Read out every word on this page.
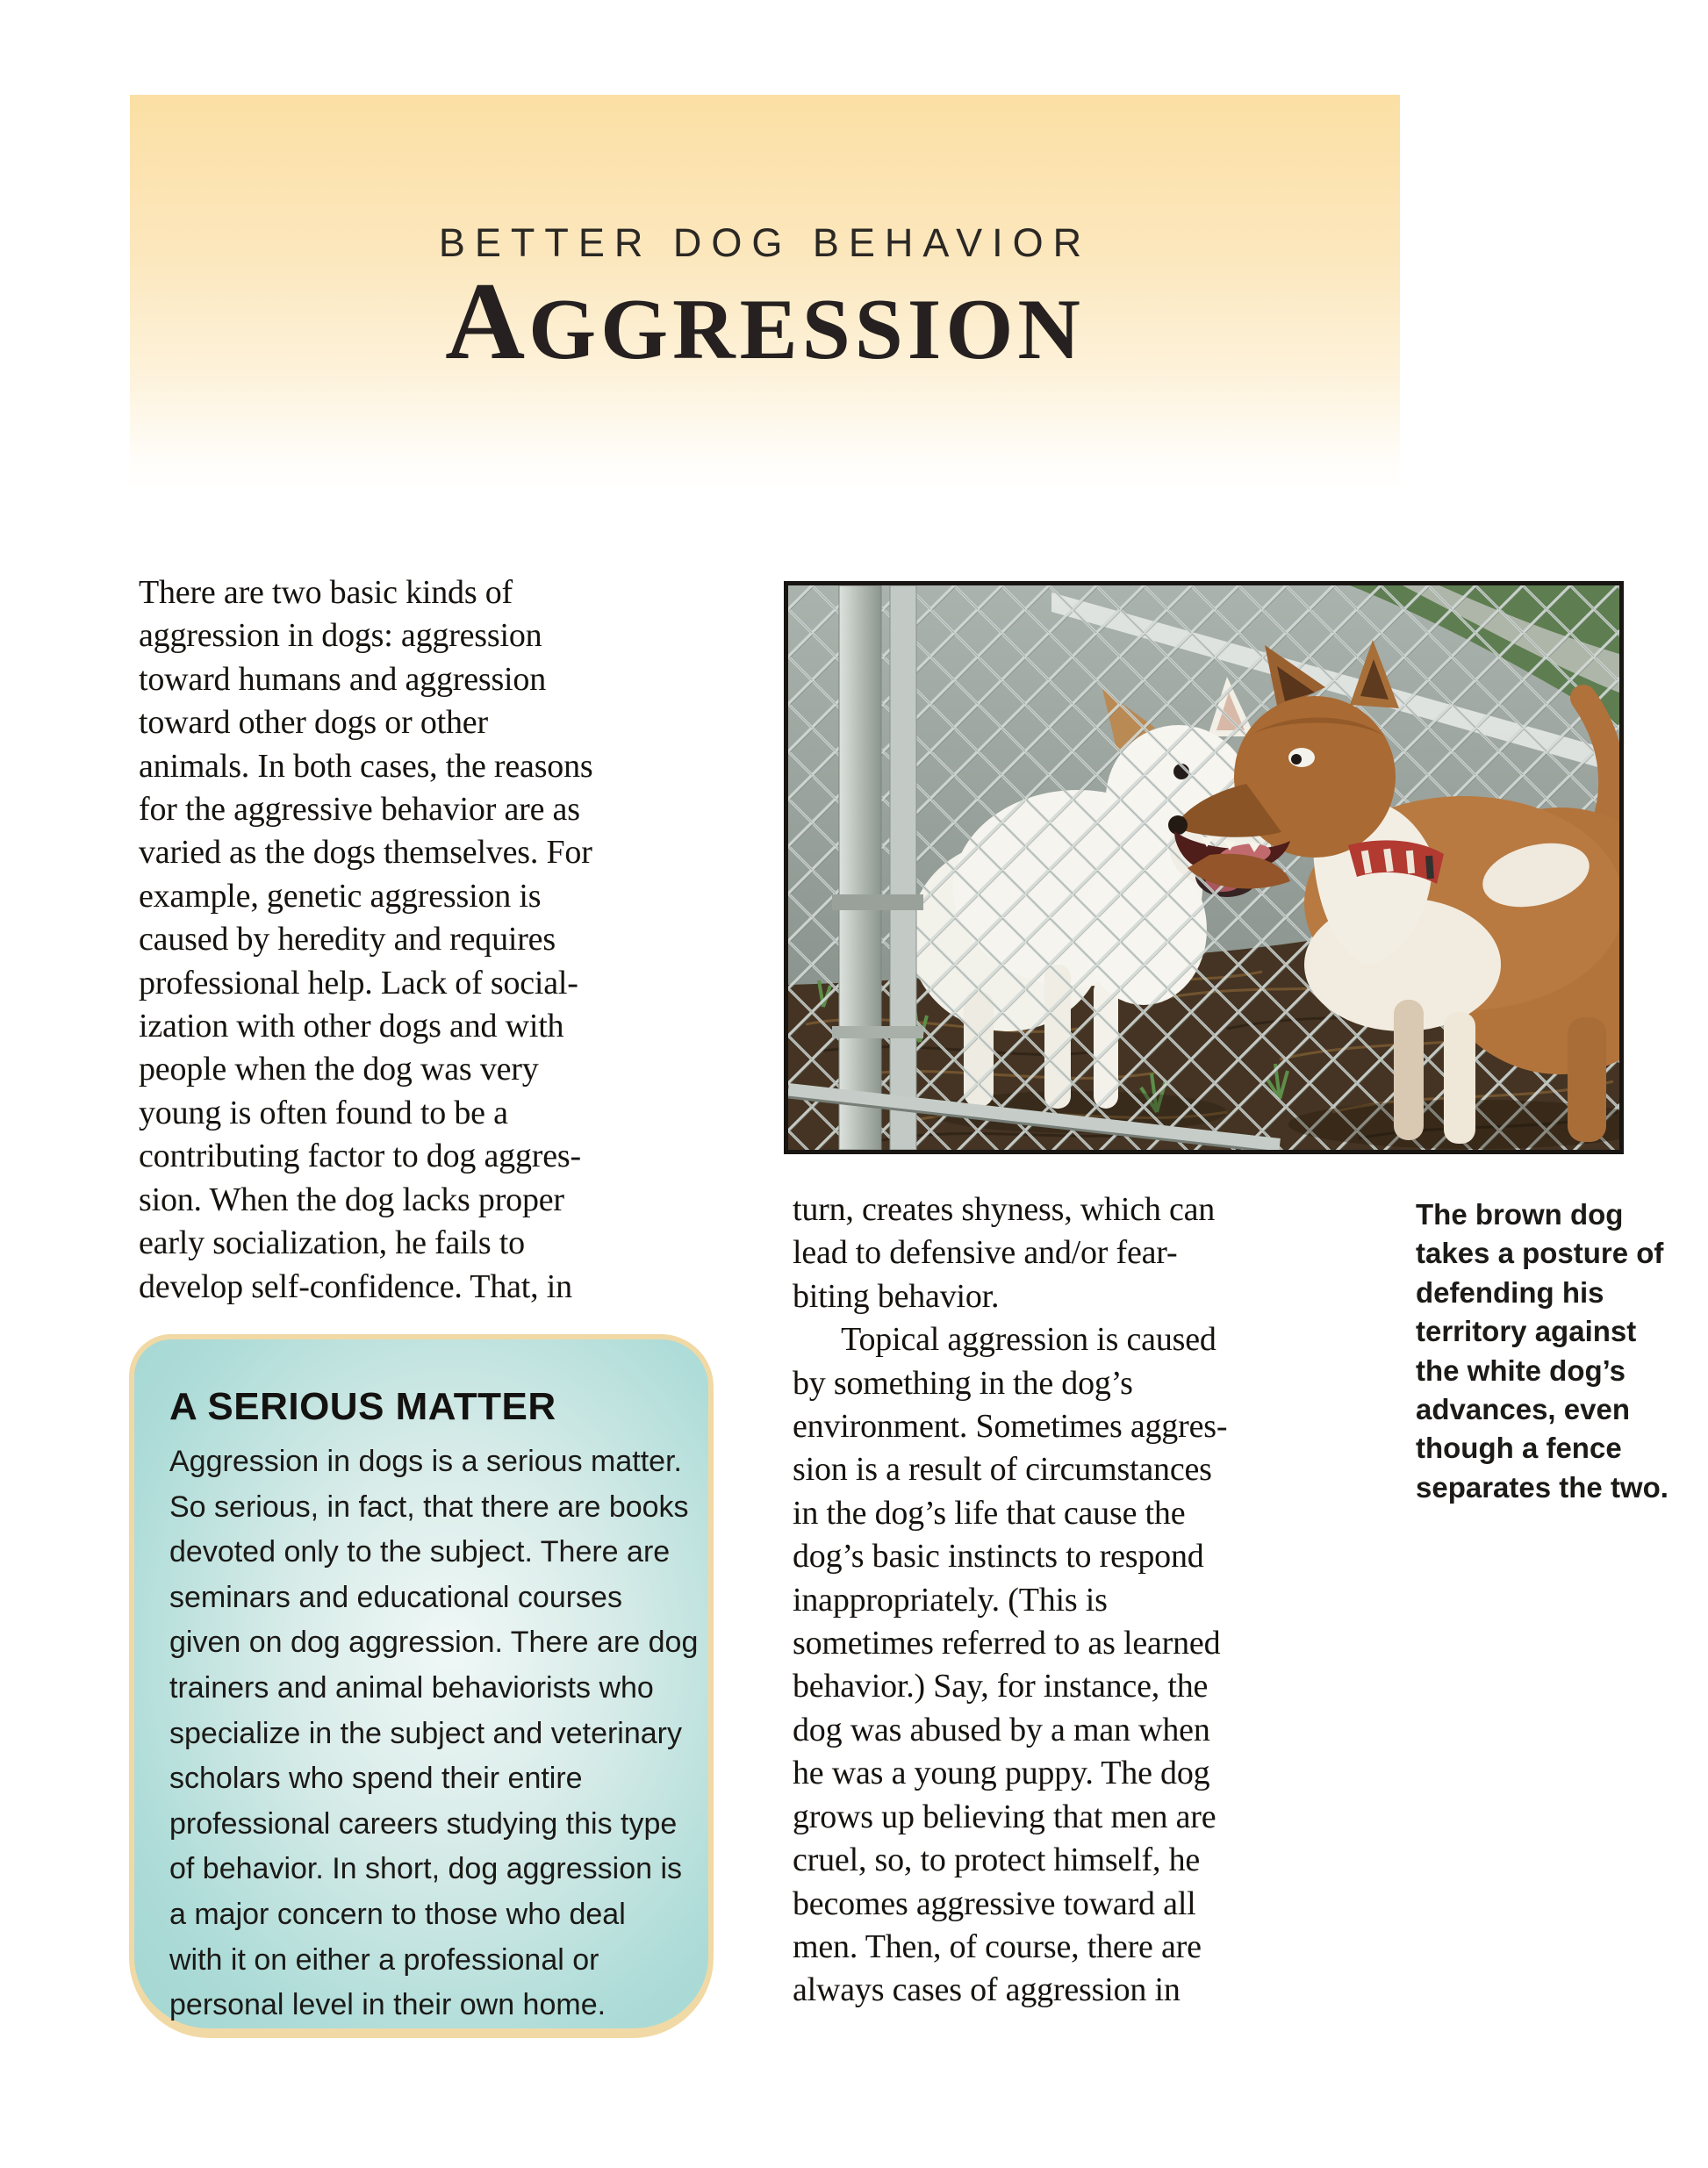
BETTER DOG BEHAVIOR
AGGRESSION
There are two basic kinds of
aggression in dogs: aggression
toward humans and aggression
toward other dogs or other
animals. In both cases, the reasons
for the aggressive behavior are as
varied as the dogs themselves. For
example, genetic aggression is
caused by heredity and requires
professional help. Lack of social-
ization with other dogs and with
people when the dog was very
young is often found to be a
contributing factor to dog aggres-
sion. When the dog lacks proper
early socialization, he fails to
develop self-confidence. That, in
turn, creates shyness, which can
lead to defensive and/or fear-
biting behavior.
Topical aggression is caused
by something in the dog’s
environment. Sometimes aggres-
sion is a result of circumstances
in the dog’s life that cause the
dog’s basic instincts to respond
inappropriately. (This is
sometimes referred to as learned
behavior.) Say, for instance, the
dog was abused by a man when
he was a young puppy. The dog
grows up believing that men are
cruel, so, to protect himself, he
becomes aggressive toward all
men. Then, of course, there are
always cases of aggression in
A SERIOUS MATTER
Aggression in dogs is a serious matter.
So serious, in fact, that there are books
devoted only to the subject. There are
seminars and educational courses
given on dog aggression. There are dog
trainers and animal behaviorists who
specialize in the subject and veterinary
scholars who spend their entire
professional careers studying this type
of behavior. In short, dog aggression is
a major concern to those who deal
with it on either a professional or
personal level in their own home.
The brown dog
takes a posture of
defending his
territory against
the white dog’s
advances, even
though a fence
separates the two.
